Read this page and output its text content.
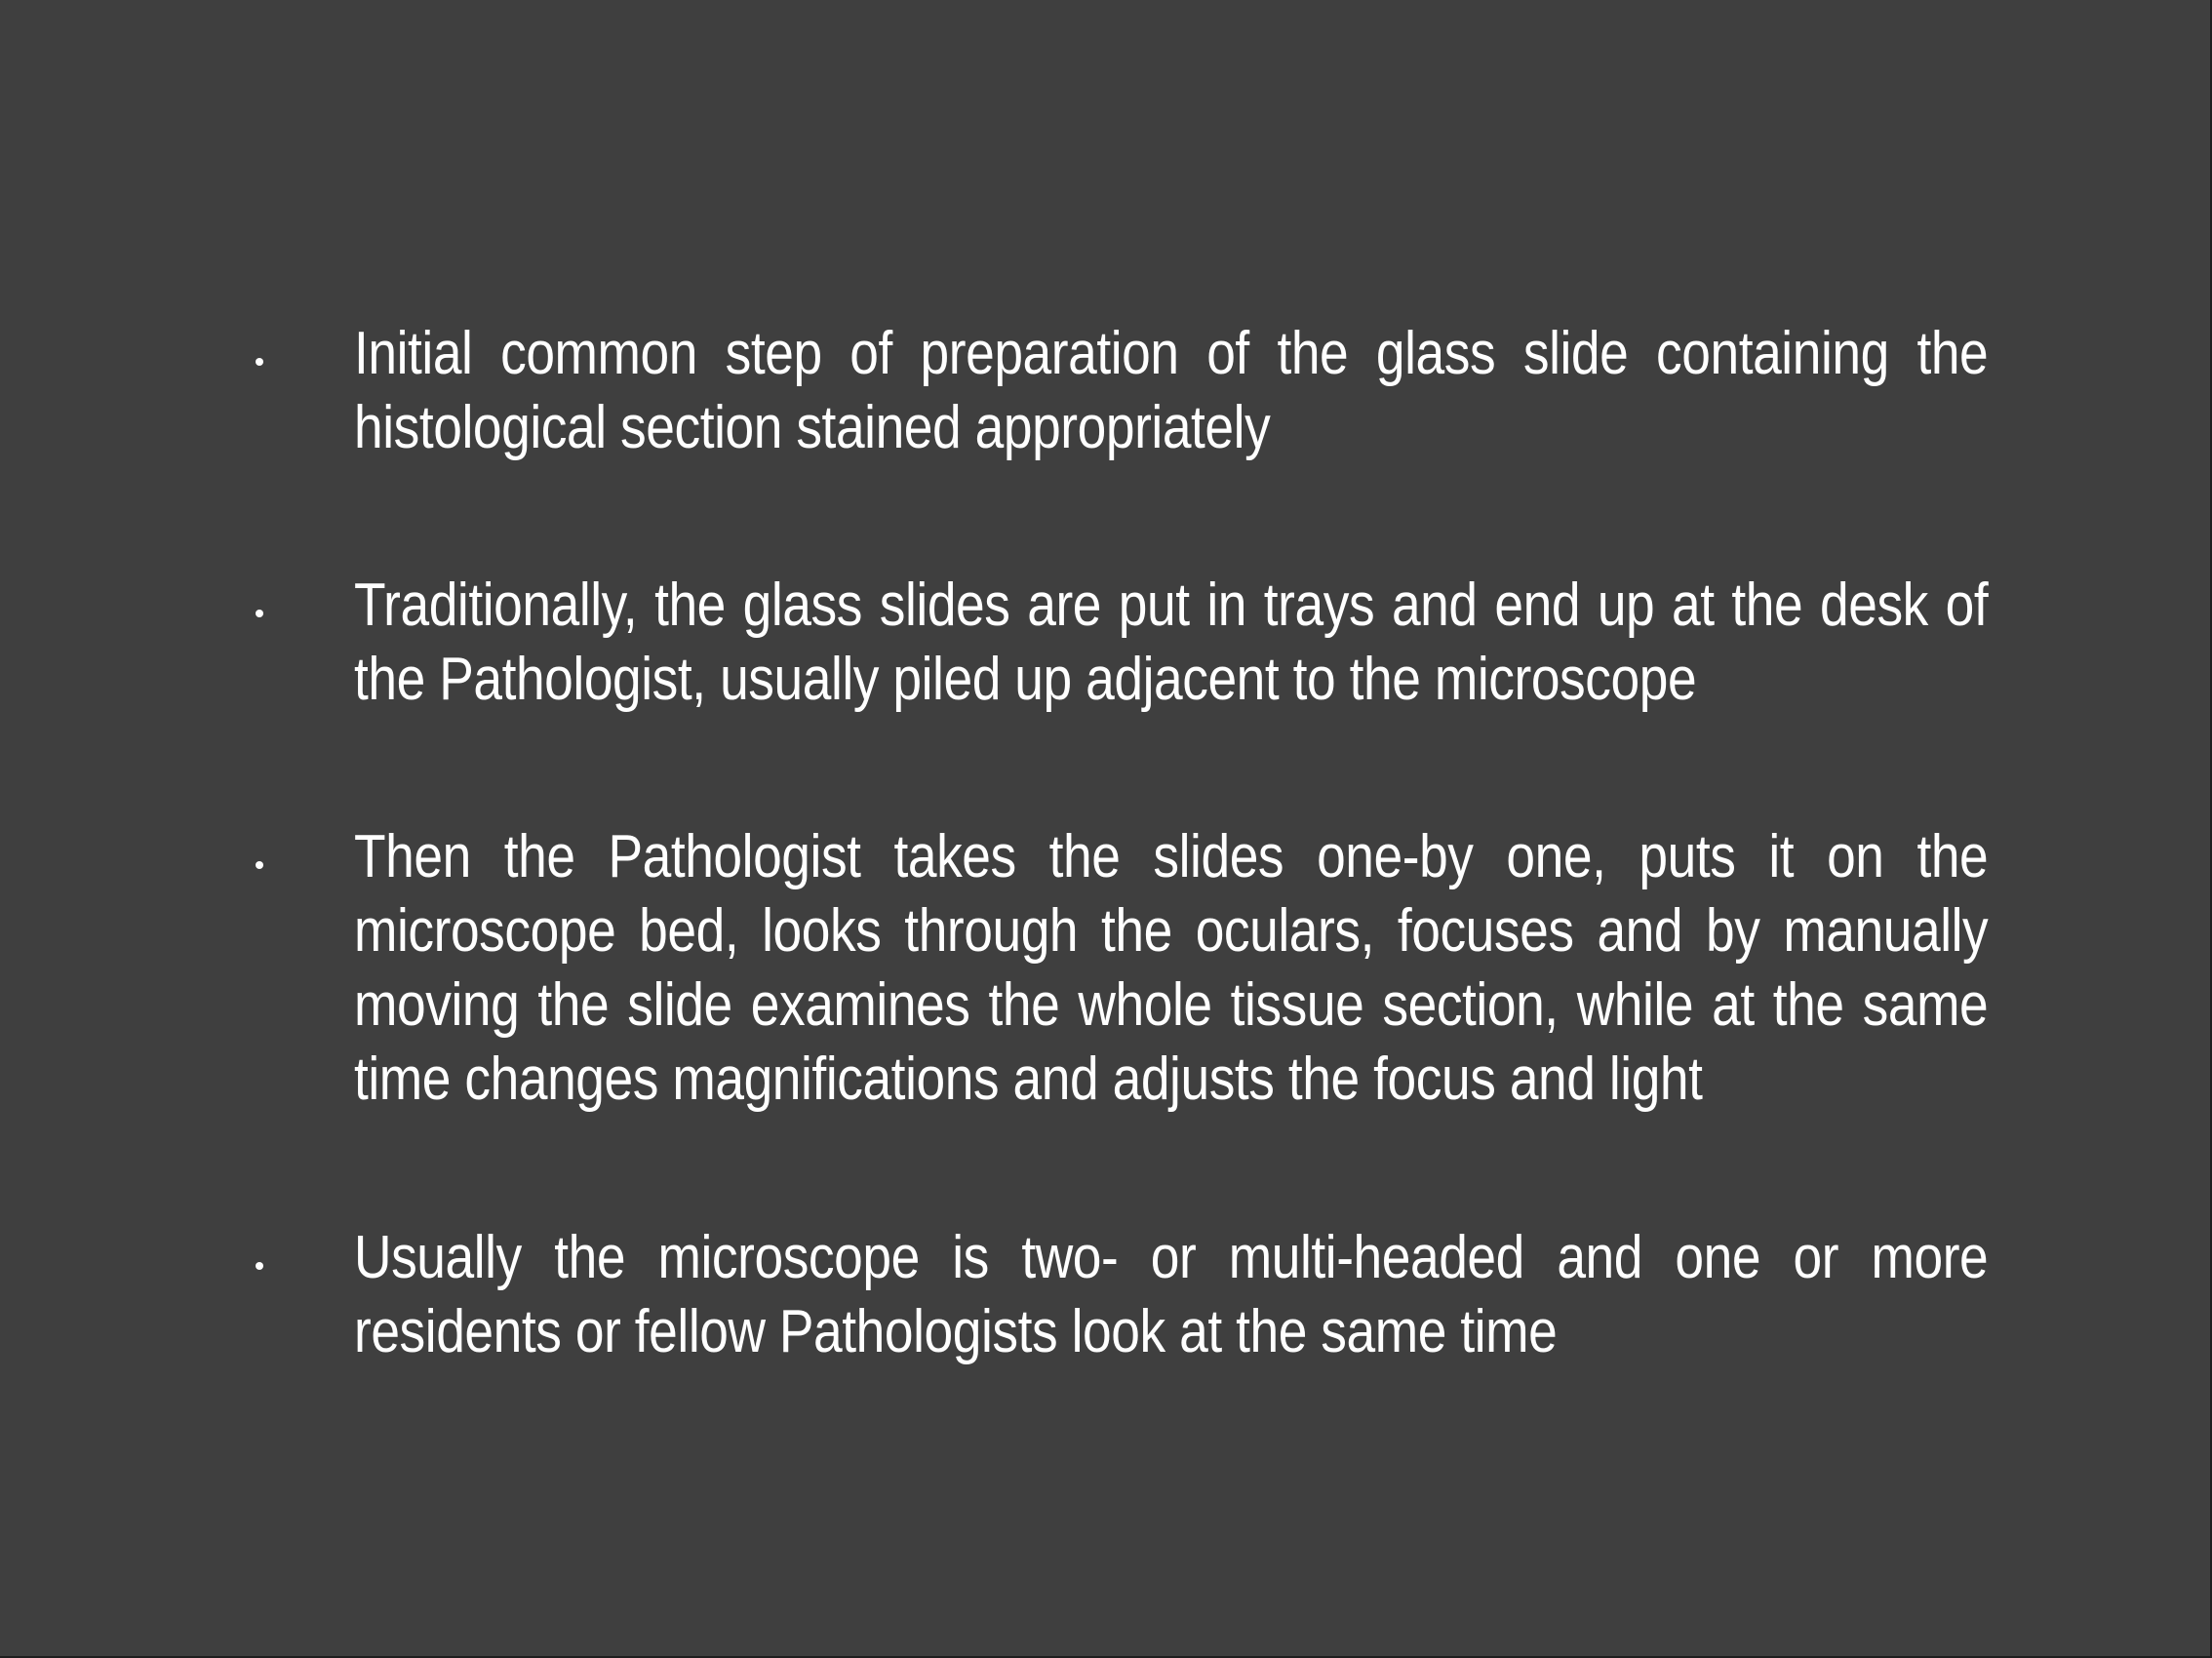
Initial common step of preparation of the glass slide containing the histological section stained appropriately

Traditionally, the glass slides are put in trays and end up at the desk of the Pathologist, usually piled up adjacent to the microscope

Then the Pathologist takes the slides one-by one, puts it on the microscope bed, looks through the oculars, focuses and by manually moving the slide examines the whole tissue section, while at the same time changes magnifications and adjusts the focus and light

Usually the microscope is two- or multi-headed and one or more residents or fellow Pathologists look at the same time
